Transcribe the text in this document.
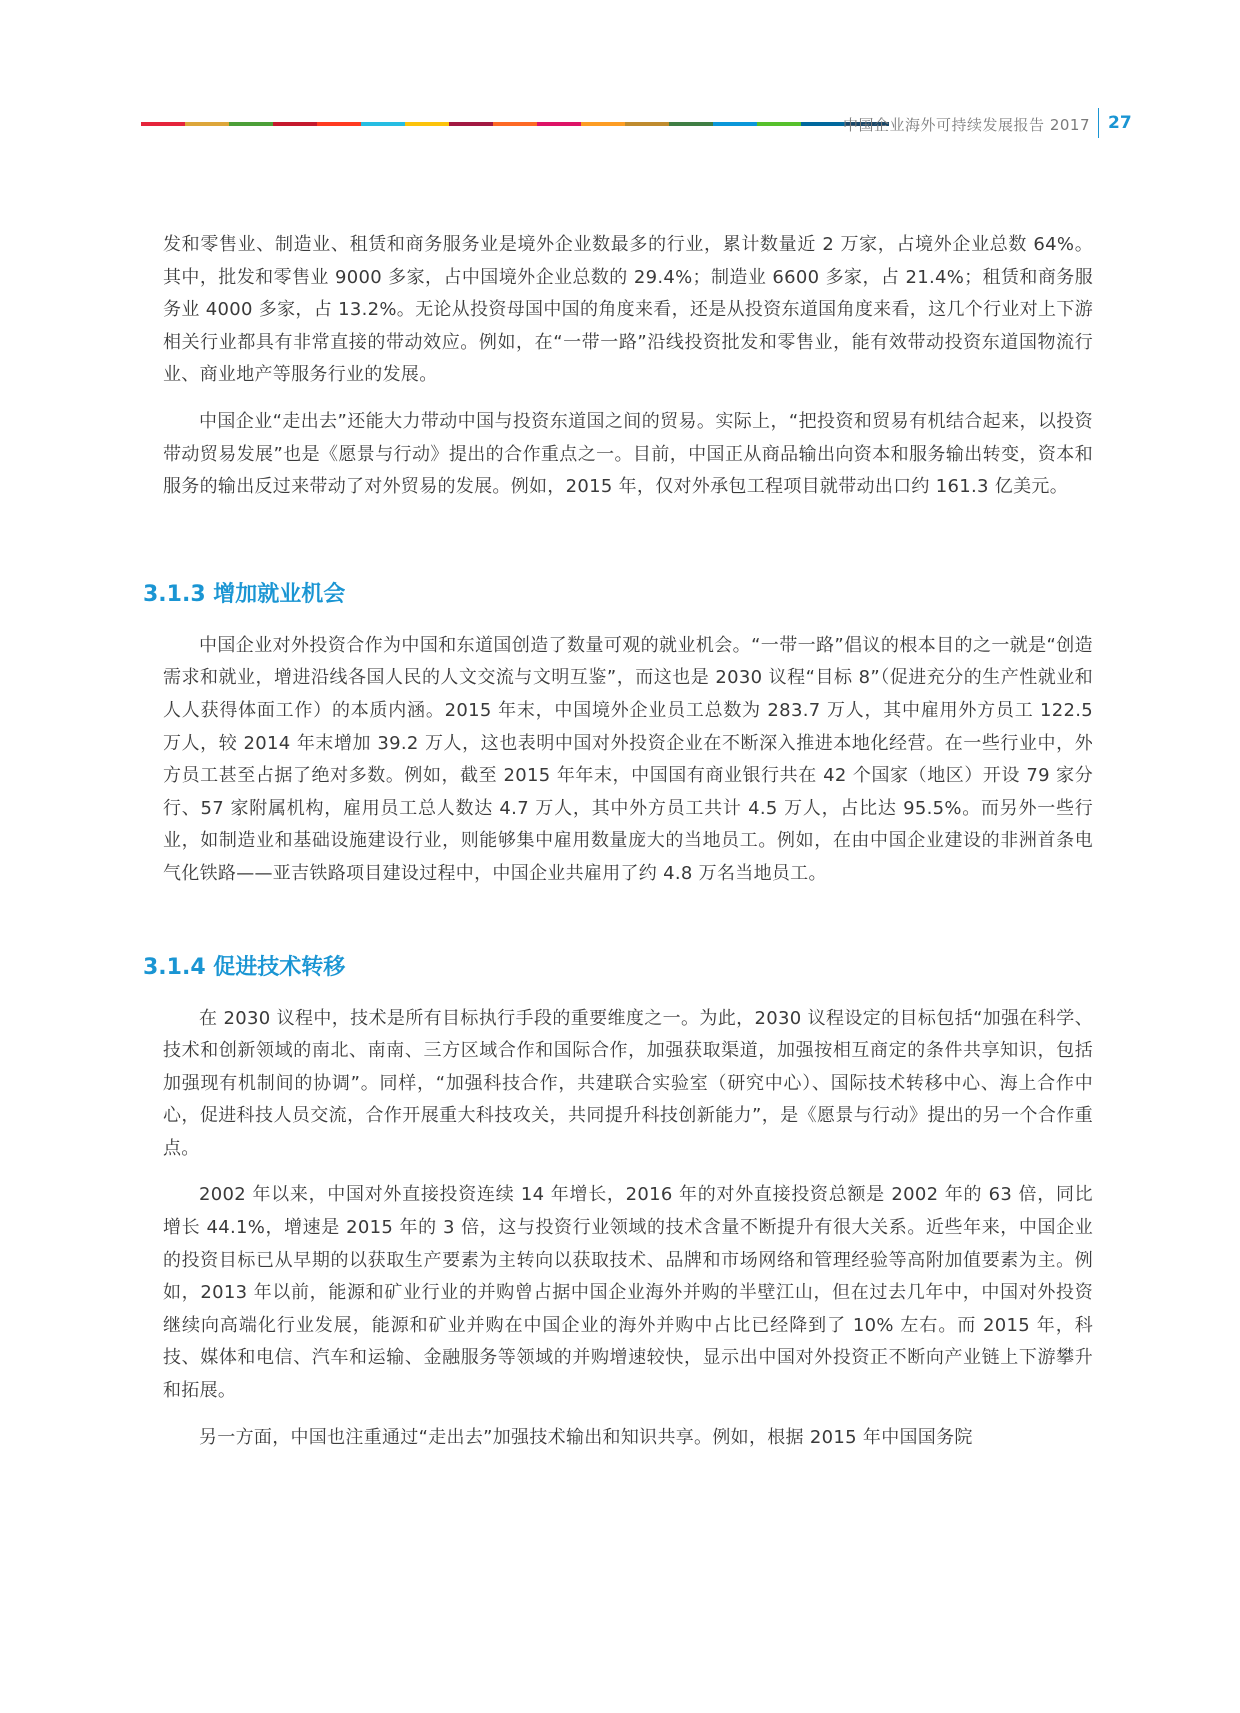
中国企业海外可持续发展报告 2017 27

发和零售业、制造业、租赁和商务服务业是境外企业数最多的行业，累计数量近 2 万家，占境外企业总数 64%。其中，批发和零售业 9000 多家，占中国境外企业总数的 29.4%；制造业 6600 多家，占 21.4%；租赁和商务服务业 4000 多家，占 13.2%。无论从投资母国中国的角度来看，还是从投资东道国角度来看，这几个行业对上下游相关行业都具有非常直接的带动效应。例如，在“一带一路”沿线投资批发和零售业，能有效带动投资东道国物流行业、商业地产等服务行业的发展。

中国企业“走出去”还能大力带动中国与投资东道国之间的贸易。实际上，“把投资和贸易有机结合起来，以投资带动贸易发展”也是《愿景与行动》提出的合作重点之一。目前，中国正从商品输出向资本和服务输出转变，资本和服务的输出反过来带动了对外贸易的发展。例如，2015 年，仅对外承包工程项目就带动出口约 161.3 亿美元。

3.1.3 增加就业机会

中国企业对外投资合作为中国和东道国创造了数量可观的就业机会。“一带一路”倡议的根本目的之一就是“创造需求和就业，增进沿线各国人民的人文交流与文明互鉴”，而这也是 2030 议程“目标 8”（促进充分的生产性就业和人人获得体面工作）的本质内涵。2015 年末，中国境外企业员工总数为 283.7 万人，其中雇用外方员工 122.5 万人，较 2014 年末增加 39.2 万人，这也表明中国对外投资企业在不断深入推进本地化经营。在一些行业中，外方员工甚至占据了绝对多数。例如，截至 2015 年年末，中国国有商业银行共在 42 个国家（地区）开设 79 家分行、57 家附属机构，雇用员工总人数达 4.7 万人，其中外方员工共计 4.5 万人，占比达 95.5%。而另外一些行业，如制造业和基础设施建设行业，则能够集中雇用数量庞大的当地员工。例如，在由中国企业建设的非洲首条电气化铁路——亚吉铁路项目建设过程中，中国企业共雇用了约 4.8 万名当地员工。

3.1.4 促进技术转移

在 2030 议程中，技术是所有目标执行手段的重要维度之一。为此，2030 议程设定的目标包括“加强在科学、技术和创新领域的南北、南南、三方区域合作和国际合作，加强获取渠道，加强按相互商定的条件共享知识，包括加强现有机制间的协调”。同样，“加强科技合作，共建联合实验室（研究中心）、国际技术转移中心、海上合作中心，促进科技人员交流，合作开展重大科技攻关，共同提升科技创新能力”，是《愿景与行动》提出的另一个合作重点。

2002 年以来，中国对外直接投资连续 14 年增长，2016 年的对外直接投资总额是 2002 年的 63 倍，同比增长 44.1%，增速是 2015 年的 3 倍，这与投资行业领域的技术含量不断提升有很大关系。近些年来，中国企业的投资目标已从早期的以获取生产要素为主转向以获取技术、品牌和市场网络和管理经验等高附加值要素为主。例如，2013 年以前，能源和矿业行业的并购曾占据中国企业海外并购的半壁江山，但在过去几年中，中国对外投资继续向高端化行业发展，能源和矿业并购在中国企业的海外并购中占比已经降到了 10% 左右。而 2015 年，科技、媒体和电信、汽车和运输、金融服务等领域的并购增速较快，显示出中国对外投资正不断向产业链上下游攀升和拓展。

另一方面，中国也注重通过“走出去”加强技术输出和知识共享。例如，根据 2015 年中国国务院
